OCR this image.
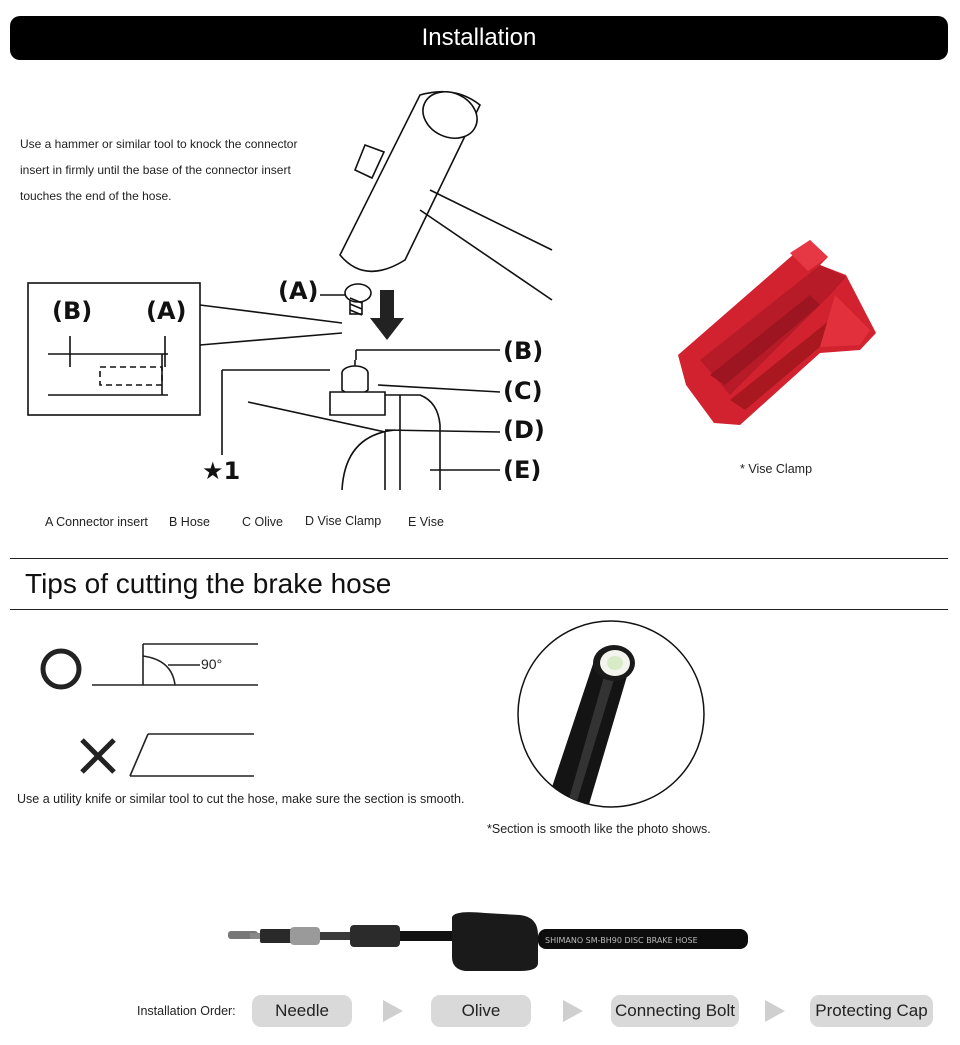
Installation
Use a hammer or similar tool to knock the connector
insert in firmly until the base of the connector insert
touches the end of the hose.
(B) (A)
(A)
(B)
(C)
(D)
(E)
★1
A Connector insert B Hose	C Olive D Vise Clamp E Vise
* Vise Clamp
Tips of cutting the brake hose
90°
Use a utility knife or similar tool to cut the hose, make sure the section is smooth.
*Section is smooth like the photo shows.
SHIMANO SM-BH90 DISC BRAKE HOSE
Installation Order:	Needle	Olive	Connecting Bolt	Protecting Cap
